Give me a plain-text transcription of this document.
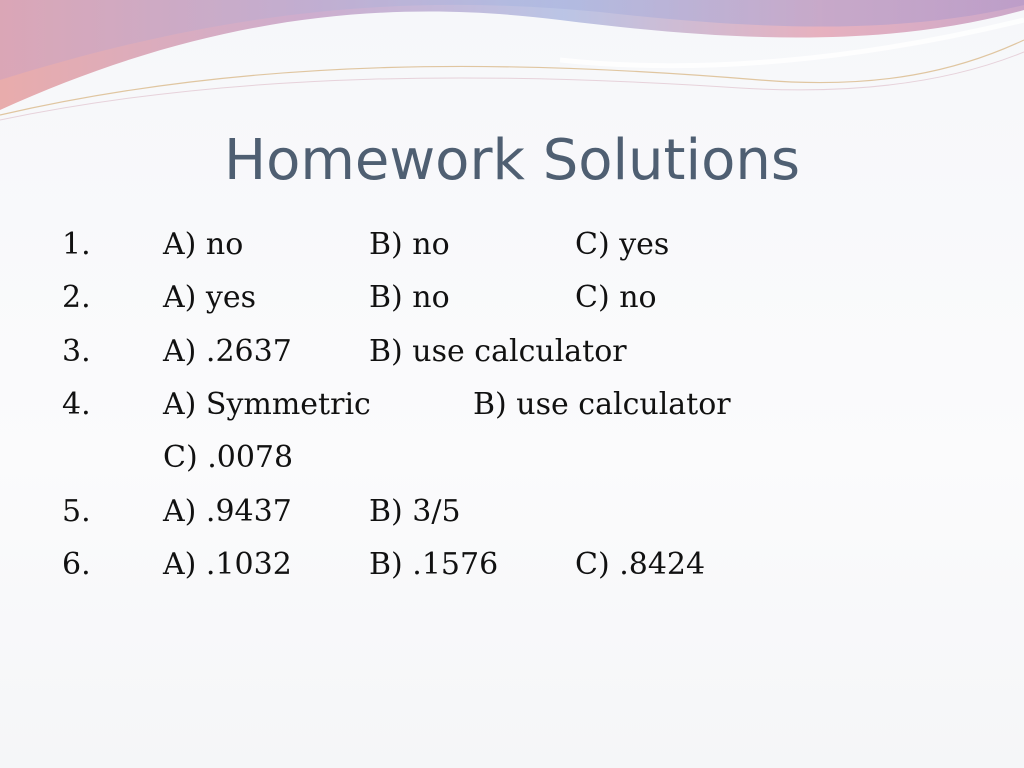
Homework Solutions
1. A) no	B) no	C) yes
2. A) yes	B) no	C) no
3. A) .2637	B) use calculator
4. A) Symmetric	B) use calculator
C) .0078
5. A) .9437	B) 3/5
6. A) .1032	B) .1576	C) .8424
